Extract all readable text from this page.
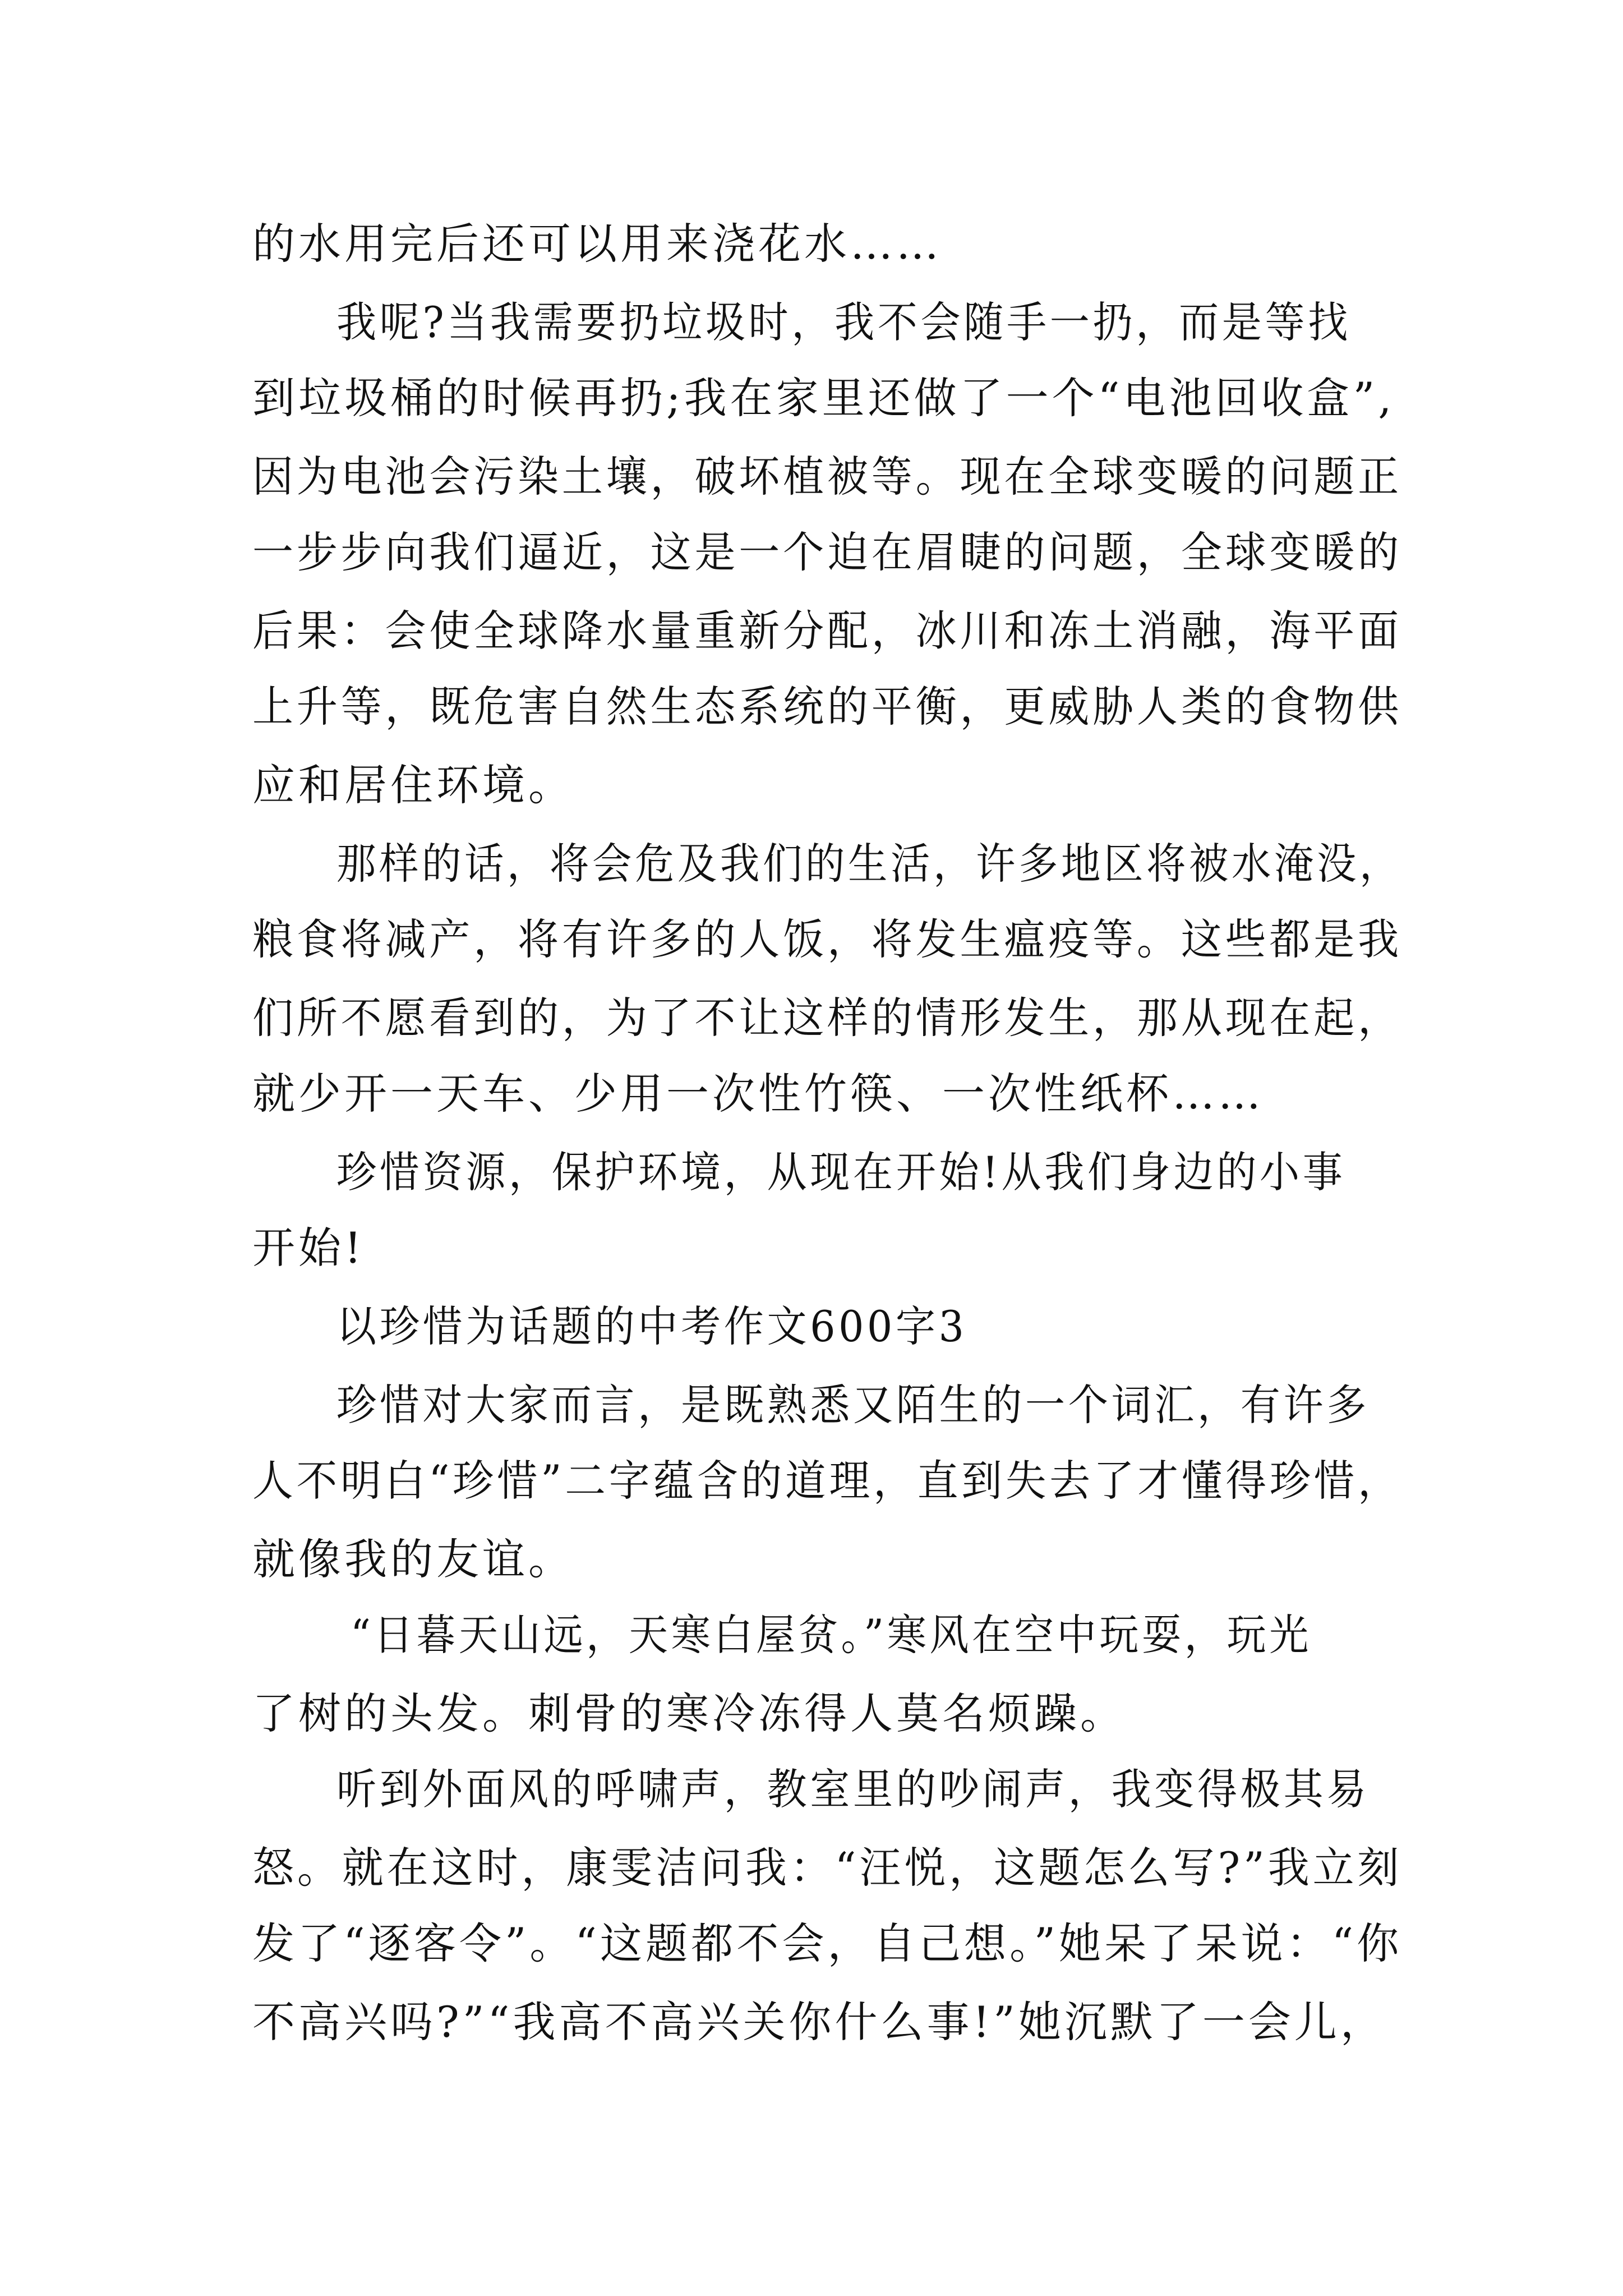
的水用完后还可以用来浇花水……
我呢?当我需要扔垃圾时，我不会随手一扔，而是等找
到垃圾桶的时候再扔;我在家里还做了一个“电池回收盒”,
因为电池会污染土壤，破坏植被等。现在全球变暖的问题正
一步步向我们逼近，这是一个迫在眉睫的问题，全球变暖的
后果：会使全球降水量重新分配，冰川和冻土消融，海平面
上升等，既危害自然生态系统的平衡，更威胁人类的食物供
应和居住环境。
那样的话，将会危及我们的生活，许多地区将被水淹没，
粮食将减产，将有许多的人饭，将发生瘟疫等。这些都是我
们所不愿看到的，为了不让这样的情形发生，那从现在起，
就少开一天车、少用一次性竹筷、一次性纸杯……
珍惜资源，保护环境，从现在开始!从我们身边的小事
开始!
以珍惜为话题的中考作文600字3
珍惜对大家而言，是既熟悉又陌生的一个词汇，有许多
人不明白“珍惜”二字蕴含的道理，直到失去了才懂得珍惜，
就像我的友谊。
“日暮天山远，天寒白屋贫。”寒风在空中玩耍，玩光
了树的头发。刺骨的寒冷冻得人莫名烦躁。
听到外面风的呼啸声，教室里的吵闹声，我变得极其易
怒。就在这时，康雯洁问我：“汪悦，这题怎么写?”我立刻
发了“逐客令”。“这题都不会，自己想。”她呆了呆说：“你
不高兴吗?”“我高不高兴关你什么事!”她沉默了一会儿，
